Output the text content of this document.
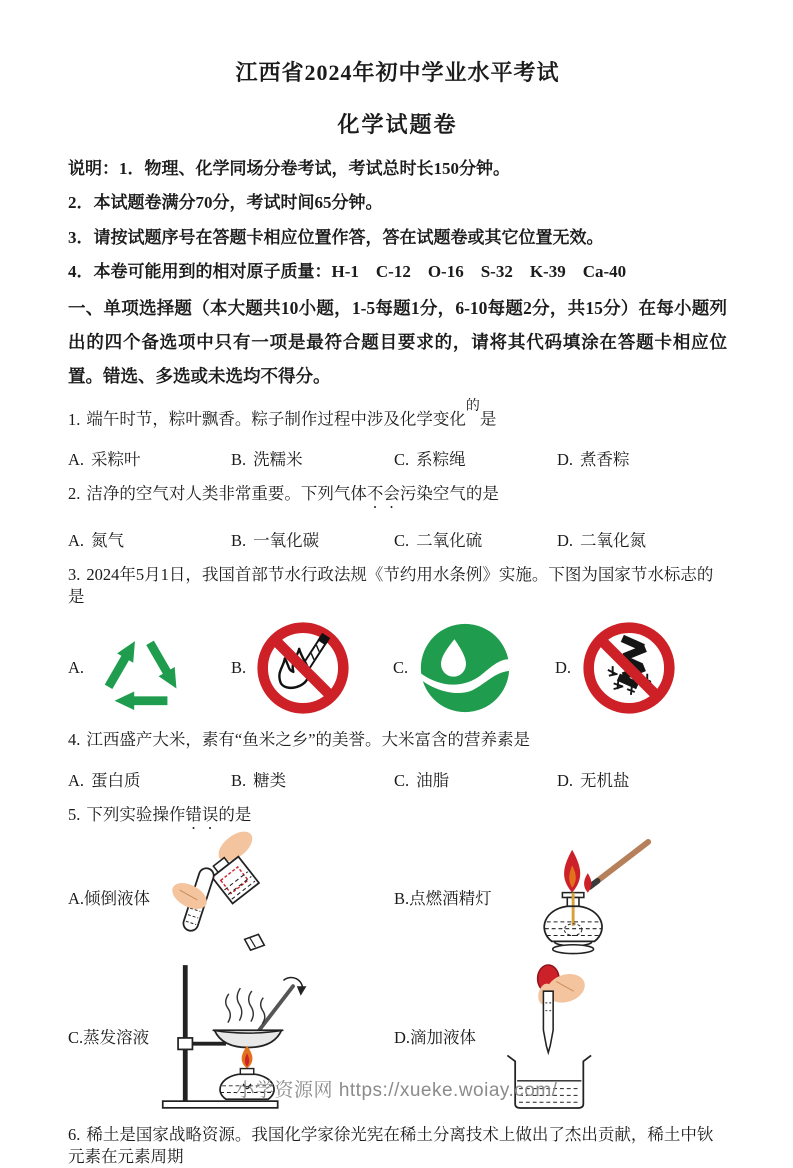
江西省2024年初中学业水平考试
化学试题卷

说明：1．物理、化学同场分卷考试，考试总时长150分钟。

2．本试题卷满分70分，考试时间65分钟。

3．请按试题序号在答题卡相应位置作答，答在试题卷或其它位置无效。

4．本卷可能用到的相对原子质量：H-1　C-12　O-16　S-32　K-39　Ca-40

一、单项选择题（本大题共10小题，1-5每题1分，6-10每题2分，共15分）在每小题列出的四个备选项中只有一项是最符合题目要求的，请将其代码填涂在答题卡相应位置。错选、多选或未选均不得分。

1. 端午时节，粽叶飘香。粽子制作过程中涉及化学变化$^的$是

A. 采粽叶	B. 洗糯米	C. 系粽绳	D. 煮香粽

2. 洁净的空气对人类非常重要。下列气体不会污染空气的是

A. 氮气	B. 一氧化碳	C. 二氧化硫	D. 二氧化氮

3. 2024年5月1日，我国首部节水行政法规《节约用水条例》实施。下图为国家节水标志的是

A.	B.	C.	D.

4. 江西盛产大米，素有“鱼米之乡”的美誉。大米富含的营养素是

A. 蛋白质	B. 糖类	C. 油脂	D. 无机盐

5. 下列实验操作错误的是

A.倾倒液体	B.点燃酒精灯
C.蒸发溶液	D.滴加液体

6. 稀土是国家战略资源。我国化学家徐光宪在稀土分离技术上做出了杰出贡献，稀土中钬元素在元素周期

小学资源网 https://xueke.woiay.com/
